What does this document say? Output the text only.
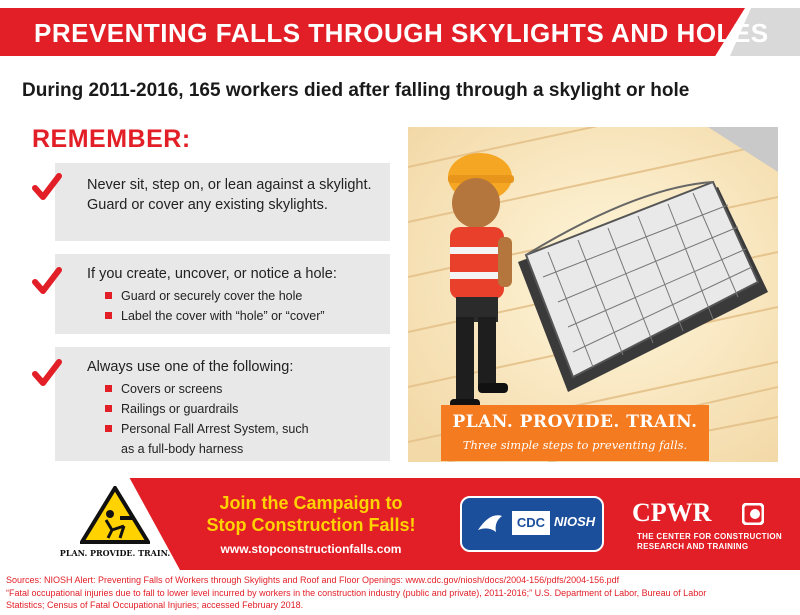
PREVENTING FALLS THROUGH SKYLIGHTS AND HOLES
During 2011-2016, 165 workers died after falling through a skylight or hole
REMEMBER:
Never sit, step on, or lean against a skylight. Guard or cover any existing skylights.
If you create, uncover, or notice a hole:
Guard or securely cover the hole
Label the cover with “hole” or “cover”
Always use one of the following:
Covers or screens
Railings or guardrails
Personal Fall Arrest System, such as a full-body harness
PLAN. PROVIDE. TRAIN.
Three simple steps to preventing falls.
PLAN. PROVIDE. TRAIN.
Join the Campaign to
Stop Construction Falls!
www.stopconstructionfalls.com
CDC NIOSH CPWR
THE CENTER FOR CONSTRUCTION
RESEARCH AND TRAINING
Sources: NIOSH Alert: Preventing Falls of Workers through Skylights and Roof and Floor Openings: www.cdc.gov/niosh/docs/2004-156/pdfs/2004-156.pdf
“Fatal occupational injuries due to fall to lower level incurred by workers in the construction industry (public and private), 2011-2016;” U.S. Department of Labor, Bureau of Labor
Statistics; Census of Fatal Occupational Injuries; accessed February 2018.
